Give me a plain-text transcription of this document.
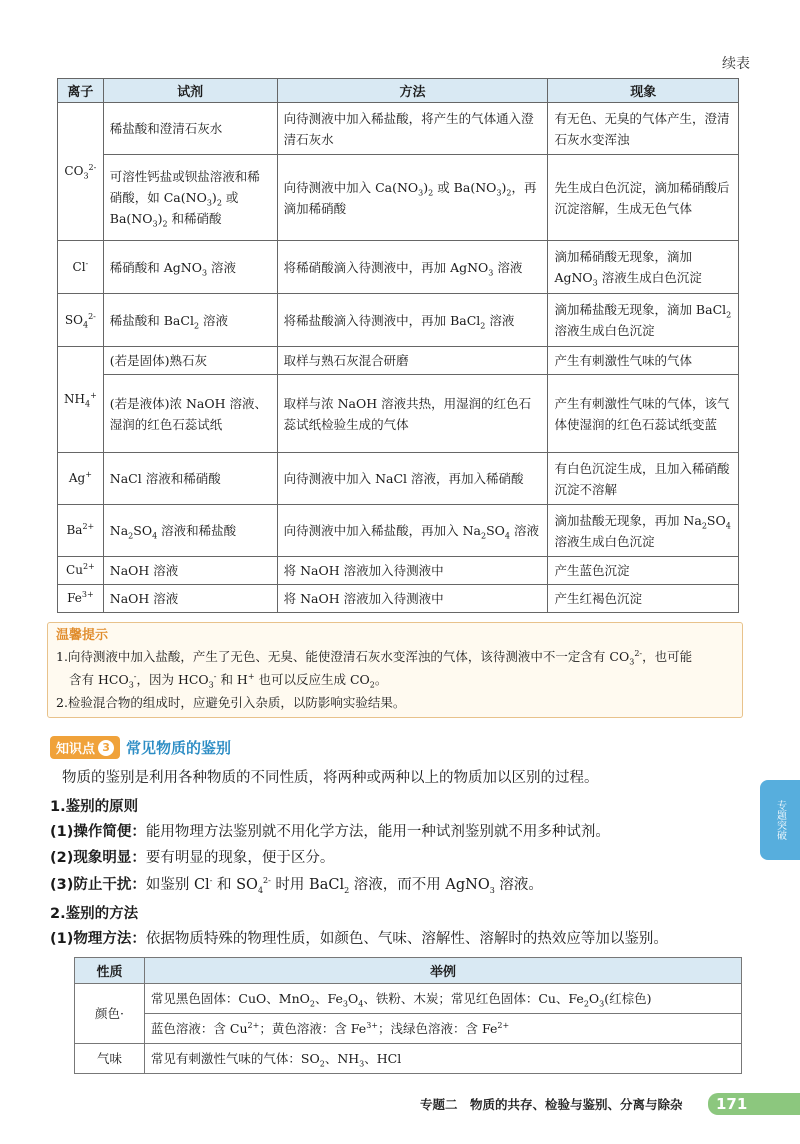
续表
离子	试剂	方法	现象
$CO_3^{2-}$	稀盐酸和澄清石灰水	向待测液中加入稀盐酸，将产生的气体通入澄清石灰水	有无色、无臭的气体产生，澄清石灰水变浑浊
	可溶性钙盐或钡盐溶液和稀硝酸，如 $Ca(NO_3)_2$ 或 $Ba(NO_3)_2$ 和稀硝酸	向待测液中加入 $Ca(NO_3)_2$ 或 $Ba(NO_3)_2$，再滴加稀硝酸	先生成白色沉淀，滴加稀硝酸后沉淀溶解，生成无色气体
Cl-	稀硝酸和 AgNO$_3$ 溶液	将稀硝酸滴入待测液中，再加 AgNO$_3$ 溶液	滴加稀硝酸无现象，滴加 AgNO$_3$ 溶液生成白色沉淀
$SO_4^{2-}$	稀盐酸和 BaCl$_2$ 溶液	将稀盐酸滴入待测液中，再加 BaCl$_2$ 溶液	滴加稀盐酸无现象，滴加 BaCl$_2$ 溶液生成白色沉淀
$NH_4^+$	(若是固体)熟石灰	取样与熟石灰混合研磨	产生有刺激性气味的气体
	(若是液体)浓 NaOH 溶液、湿润的红色石蕊试纸	取样与浓 NaOH 溶液共热，用湿润的红色石蕊试纸检验生成的气体	产生有刺激性气味的气体，该气体使湿润的红色石蕊试纸变蓝
Ag+	NaCl 溶液和稀硝酸	向待测液中加入 NaCl 溶液，再加入稀硝酸	有白色沉淀生成，且加入稀硝酸沉淀不溶解
$Ba^{2+}$	$Na_2SO_4$ 溶液和稀盐酸	向待测液中加入稀盐酸，再加入 $Na_2SO_4$ 溶液	滴加盐酸无现象，再加 $Na_2SO_4$ 溶液生成白色沉淀
$Cu^{2+}$	NaOH 溶液	将 NaOH 溶液加入待测液中	产生蓝色沉淀
$Fe^{3+}$	NaOH 溶液	将 NaOH 溶液加入待测液中	产生红褐色沉淀
温馨提示
1.向待测液中加入盐酸，产生了无色、无臭、能使澄清石灰水变浑浊的气体，该待测液中不一定含有 $CO_3^{2-}$，也可能
含有 $HCO_3^-$，因为 $HCO_3^-$ 和 H+ 也可以反应生成 $CO_2$。
2.检验混合物的组成时，应避免引入杂质，以防影响实验结果。
知识点 3 常见物质的鉴别
物质的鉴别是利用各种物质的不同性质，将两种或两种以上的物质加以区别的过程。
1.鉴别的原则
(1)操作简便：能用物理方法鉴别就不用化学方法，能用一种试剂鉴别就不用多种试剂。
(2)现象明显：要有明显的现象，便于区分。
(3)防止干扰：如鉴别 Cl- 和 $SO_4^{2-}$ 时用 BaCl$_2$ 溶液，而不用 AgNO$_3$ 溶液。
2.鉴别的方法
(1)物理方法：依据物质特殊的物理性质，如颜色、气味、溶解性、溶解时的热效应等加以鉴别。
性质	举例
颜色·	常见黑色固体：CuO、MnO$_2$、$Fe_3O_4$、铁粉、木炭；常见红色固体：Cu、$Fe_2O_3$(红棕色)
	蓝色溶液：含 $Cu^{2+}$；黄色溶液：含 $Fe^{3+}$；浅绿色溶液：含 $Fe^{2+}$
气味	常见有刺激性气味的气体：$SO_2$、$NH_3$、HCl
专题突破
专题二　物质的共存、检验与鉴别、分离与除杂	171
